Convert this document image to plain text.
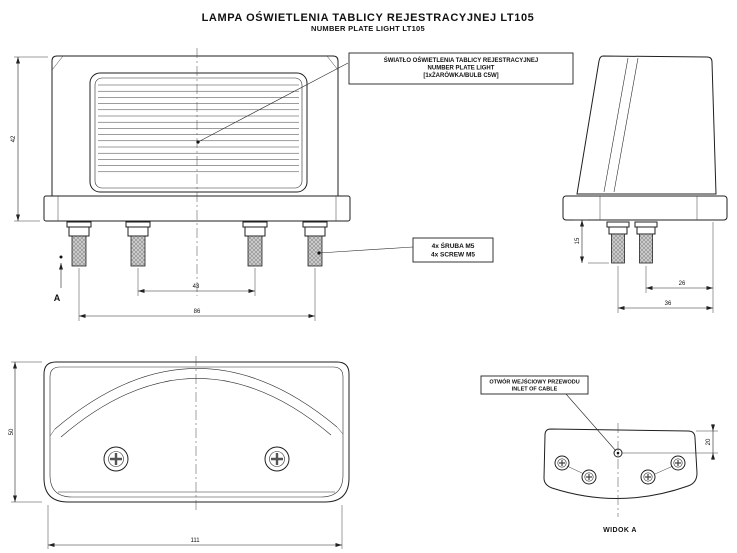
LAMPA OŚWIETLENIA TABLICY REJESTRACYJNEJ LT105
NUMBER PLATE LIGHT LT105
42
43
86
A
ŚWIATŁO OŚWIETLENIA TABLICY REJESTRACYJNEJ
NUMBER PLATE LIGHT
[1xŻARÓWKA/BULB C5W]
4x ŚRUBA M5
4x SCREW M5
15
26
36
50
111
OTWÓR WEJŚCIOWY PRZEWODU
INLET OF CABLE
20
WIDOK A
